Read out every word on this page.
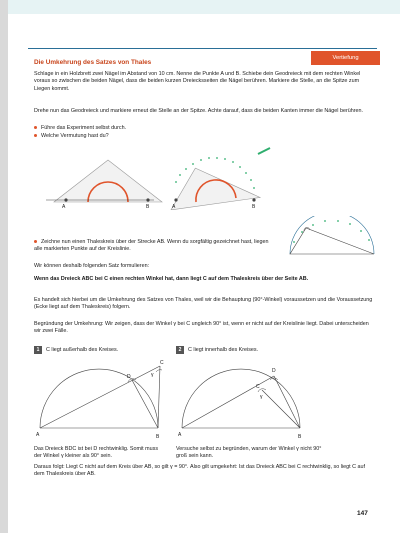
Vertiefung
Die Umkehrung des Satzes von Thales

Schlage in ein Holzbrett zwei Nägel im Abstand von 10 cm. Nenne die Punkte A und B. Schiebe dein Geodreieck mit dem rechten Winkel voraus so zwischen die beiden Nägel, dass die beiden kurzen Dreiecksseiten die Nägel berühren. Markiere die Stelle, an die Spitze zum Liegen kommt.

Drehe nun das Geodreieck und markiere erneut die Stelle an der Spitze. Achte darauf, dass die beiden Kanten immer die Nägel berühren.

Führe das Experiment selbst durch.
Welche Vermutung hast du?
A	B	A	B
Zeichne nun einen Thaleskreis über der Strecke AB. Wenn du sorgfältig gezeichnet hast, liegen alle markierten Punkte auf der Kreislinie.

Wir können deshalb folgenden Satz formulieren:

Wenn das Dreieck ABC bei C einen rechten Winkel hat, dann liegt C auf dem Thaleskreis über der Seite AB.

Es handelt sich hierbei um die Umkehrung des Satzes von Thales, weil wir die Behauptung (90°-Winkel) voraussetzen und die Voraussetzung (Ecke liegt auf dem Thaleskreis) folgern.

Begründung der Umkehrung: Wir zeigen, dass der Winkel γ bei C ungleich 90° ist, wenn er nicht auf der Kreislinie liegt. Dabei unterscheiden wir zwei Fälle.

1	C liegt außerhalb des Kreises.	2	C liegt innerhalb des Kreises.
A	B
C
D	γ
A	B
C
D
γ

Das Dreieck BDC ist bei D rechtwinklig. Somit muss der Winkel γ kleiner als 90° sein.

Versuche selbst zu begründen, warum der Winkel γ nicht 90° groß sein kann.

Daraus folgt: Liegt C nicht auf dem Kreis über AB, so gilt γ = 90°. Also gilt umgekehrt: Ist das Dreieck ABC bei C rechtwinklig, so liegt C auf dem Thaleskreis über AB.

147
